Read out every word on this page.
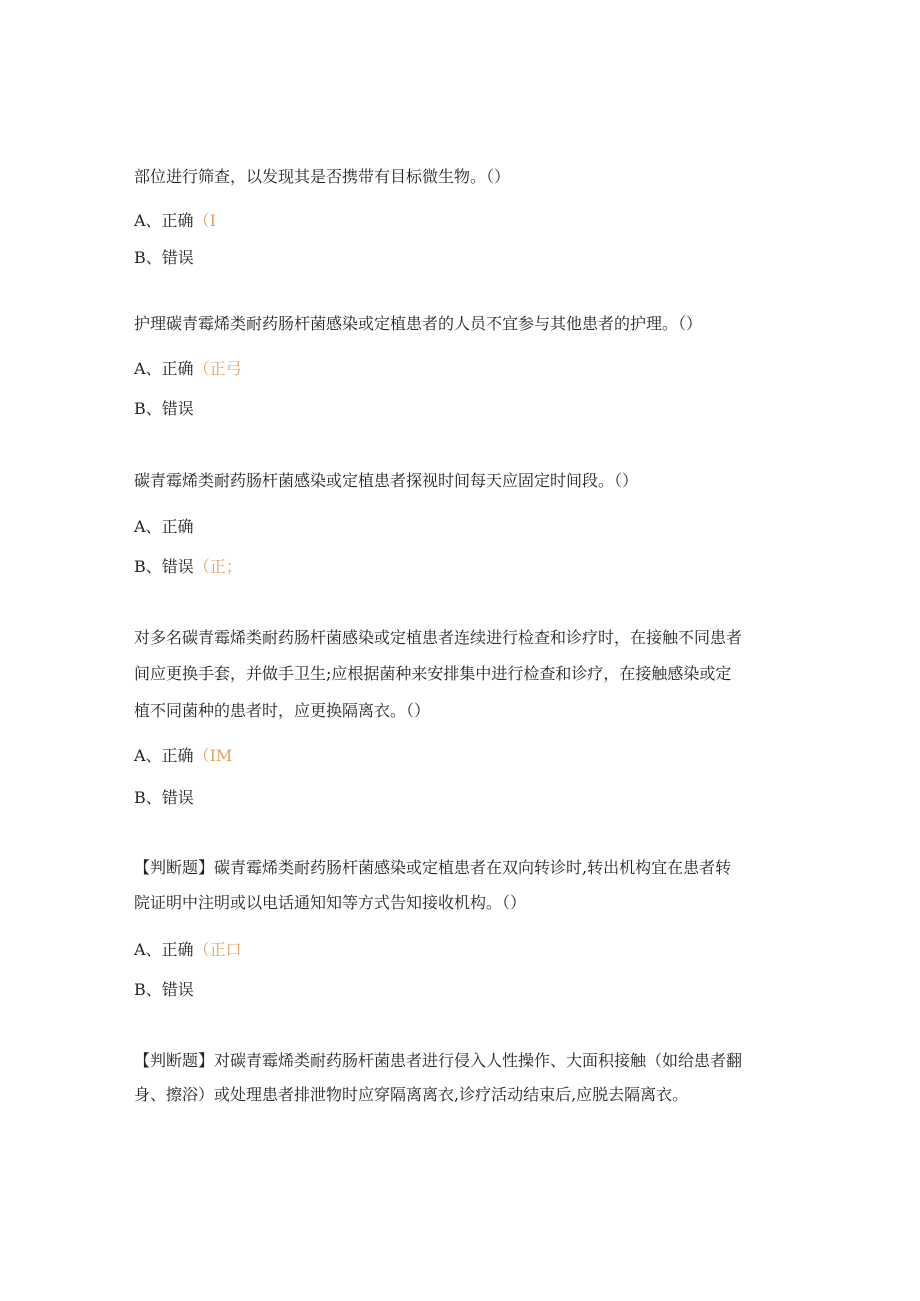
部位进行筛查，以发现其是否携带有目标微生物。（）
A、正确（I
B、错误
护理碳青霉烯类耐药肠杆菌感染或定植患者的人员不宜参与其他患者的护理。（）
A、正确（正弓
B、错误
碳青霉烯类耐药肠杆菌感染或定植患者探视时间每天应固定时间段。（）
A、正确
B、错误（正；
对多名碳青霉烯类耐药肠杆菌感染或定植患者连续进行检查和诊疗时，在接触不同患者
间应更换手套，并做手卫生;应根据菌种来安排集中进行检查和诊疗，在接触感染或定
植不同菌种的患者时，应更换隔离衣。（）
A、正确（IM
B、错误
【判断题】碳青霉烯类耐药肠杆菌感染或定植患者在双向转诊时,转出机构宜在患者转
院证明中注明或以电话通知知等方式告知接收机构。（）
A、正确（正口
B、错误
【判断题】对碳青霉烯类耐药肠杆菌患者进行侵入人性操作、大面积接触（如给患者翻
身、擦浴）或处理患者排泄物时应穿隔离离衣,诊疗活动结束后,应脱去隔离衣。
